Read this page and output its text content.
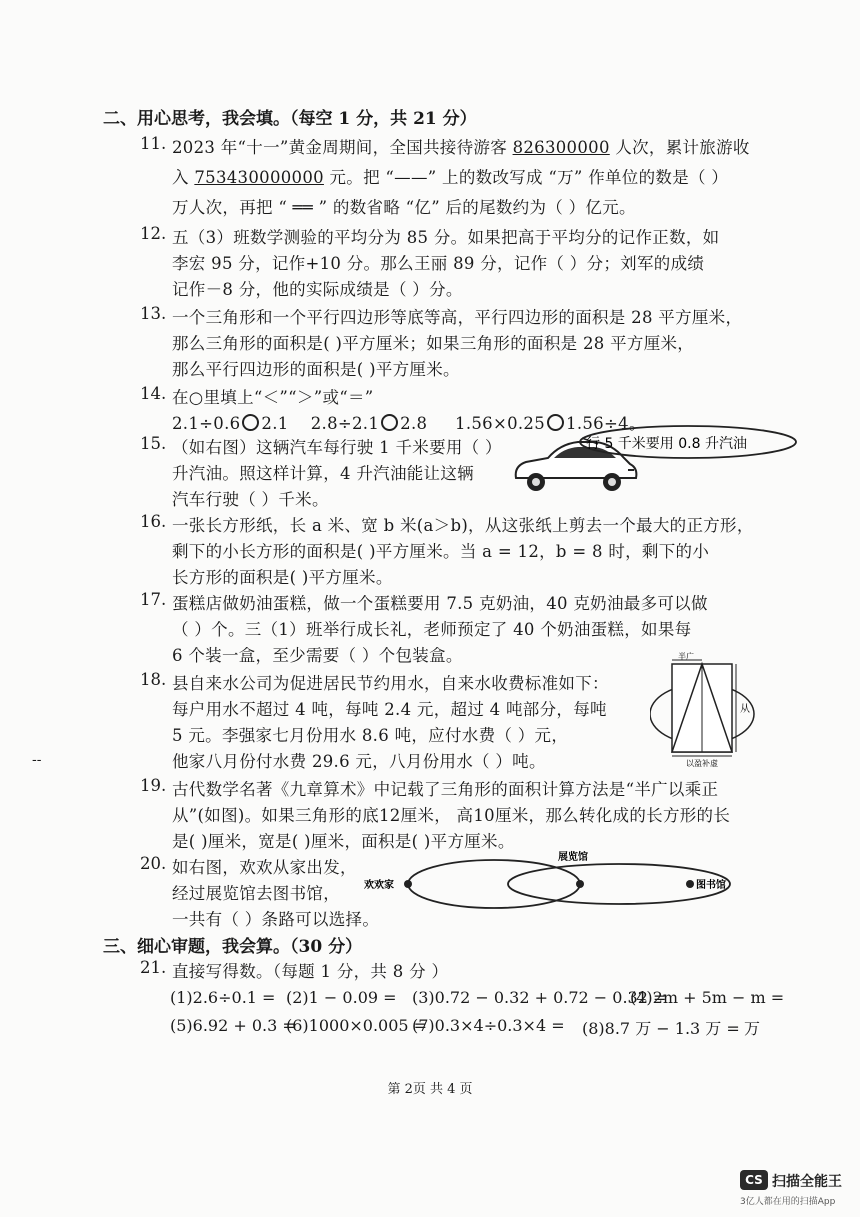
二、用心思考，我会填。（每空 1 分，共 21 分）
11. 2023 年“十一”黄金周期间，全国共接待游客 826300000 人次，累计旅游收
入 753430000000 元。把 “——” 上的数改写成 “万” 作单位的数是（ ）
万人次，再把 “ ══ ” 的数省略 “亿” 后的尾数约为（ ）亿元。
12. 五（3）班数学测验的平均分为 85 分。如果把高于平均分的记作正数，如
李宏 95 分，记作+10 分。那么王丽 89 分，记作（ ）分；刘军的成绩
记作－8 分，他的实际成绩是（ ）分。
13. 一个三角形和一个平行四边形等底等高，平行四边形的面积是 28 平方厘米，
那么三角形的面积是( )平方厘米；如果三角形的面积是 28 平方厘米，
那么平行四边形的面积是( )平方厘米。
14. 在○里填上“＜”“＞”或“＝”
2.1÷0.6 2.1 2.8÷2.1 2.8 1.56×0.25 1.56÷4。
15. （如右图）这辆汽车每行驶 1 千米要用（ ）
升汽油。照这样计算，4 升汽油能让这辆
汽车行驶（ ）千米。
行 5 千米要用 0.8 升汽油
16. 一张长方形纸，长 a 米、宽 b 米(a＞b)，从这张纸上剪去一个最大的正方形，
剩下的小长方形的面积是( )平方厘米。当 a = 12，b = 8 时，剩下的小
长方形的面积是( )平方厘米。
17. 蛋糕店做奶油蛋糕，做一个蛋糕要用 7.5 克奶油，40 克奶油最多可以做
（ ）个。三（1）班举行成长礼，老师预定了 40 个奶油蛋糕，如果每
6 个装一盒，至少需要（ ）个包装盒。
18. 县自来水公司为促进居民节约用水，自来水收费标准如下：
每户用水不超过 4 吨，每吨 2.4 元，超过 4 吨部分，每吨
5 元。李强家七月份用水 8.6 吨，应付水费（ ）元，
他家八月份付水费 29.6 元，八月份用水（ ）吨。
半广
从
以盈补虚
19. 古代数学名著《九章算术》中记载了三角形的面积计算方法是“半广以乘正
从”(如图)。如果三角形的底12厘米， 高10厘米，那么转化成的长方形的长
是( )厘米，宽是( )厘米，面积是( )平方厘米。
20. 如右图，欢欢从家出发，
经过展览馆去图书馆，
一共有（ ）条路可以选择。
欢欢家
展览馆
图书馆
三、细心审题，我会算。（30 分）
21. 直接写得数。（每题 1 分，共 8 分 ）
(1)2.6÷0.1 = (2)1 − 0.09 = (3)0.72 − 0.32 + 0.72 − 0.32 =
(4)2m + 5m − m =
(5)6.92 + 0.3 =
(6)1000×0.005 =
(7)0.3×4÷0.3×4 = (8)8.7 万 − 1.3 万 = 万
第 2页 共 4 页
--
CS 扫描全能王
3亿人都在用的扫描App
